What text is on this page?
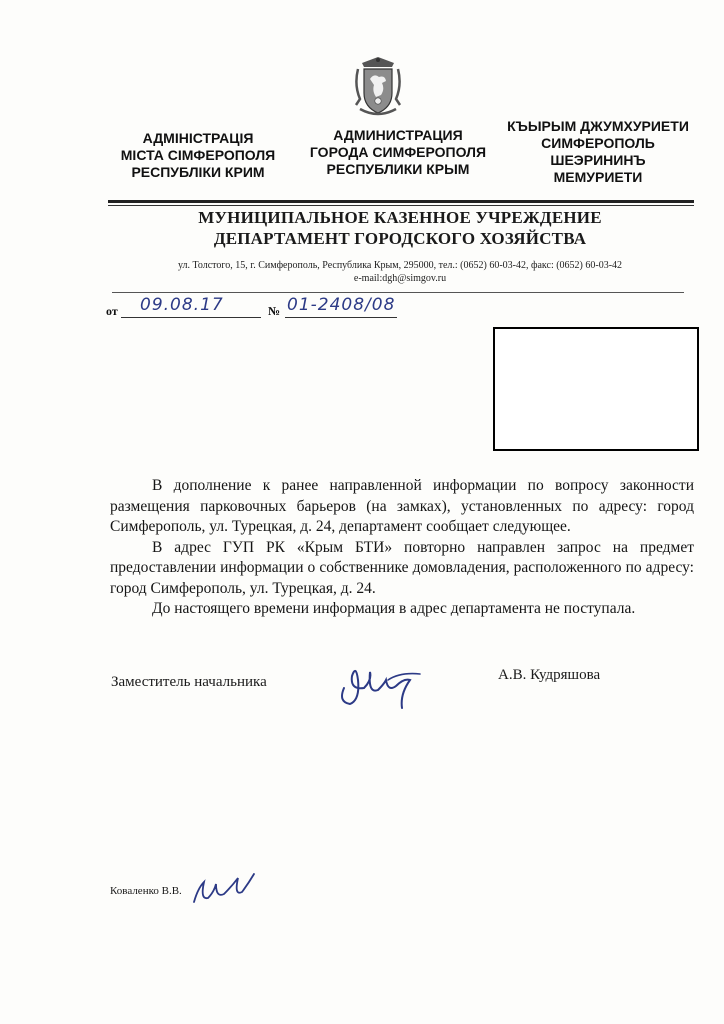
АДМІНІСТРАЦІЯ
МІСТА СІМФЕРОПОЛЯ
РЕСПУБЛІКИ КРИМ
АДМИНИСТРАЦИЯ
ГОРОДА СИМФЕРОПОЛЯ
РЕСПУБЛИКИ КРЫМ
КЪЫРЫМ ДЖУМХУРИЕТИ
СИМФЕРОПОЛЬ
ШЕЭРИНИНЪ
МЕМУРИЕТИ
МУНИЦИПАЛЬНОЕ КАЗЕННОЕ УЧРЕЖДЕНИЕ
ДЕПАРТАМЕНТ ГОРОДСКОГО ХОЗЯЙСТВА
ул. Толстого, 15, г. Симферополь, Республика Крым, 295000, тел.: (0652) 60-03-42, факс: (0652) 60-03-42
e-mail:dgh@simgov.ru
от 09.08.17	№ 01-2408/08

В дополнение к ранее направленной информации по вопросу законности размещения парковочных барьеров (на замках), установленных по адресу: город Симферополь, ул. Турецкая, д. 24, департамент сообщает следующее.

В адрес ГУП РК «Крым БТИ» повторно направлен запрос на предмет предоставлении информации о собственнике домовладения, расположенного по адресу: город Симферополь, ул. Турецкая, д. 24.

До настоящего времени информация в адрес департамента не поступала.

Заместитель начальника	А.В. Кудряшова
Коваленко В.В.
